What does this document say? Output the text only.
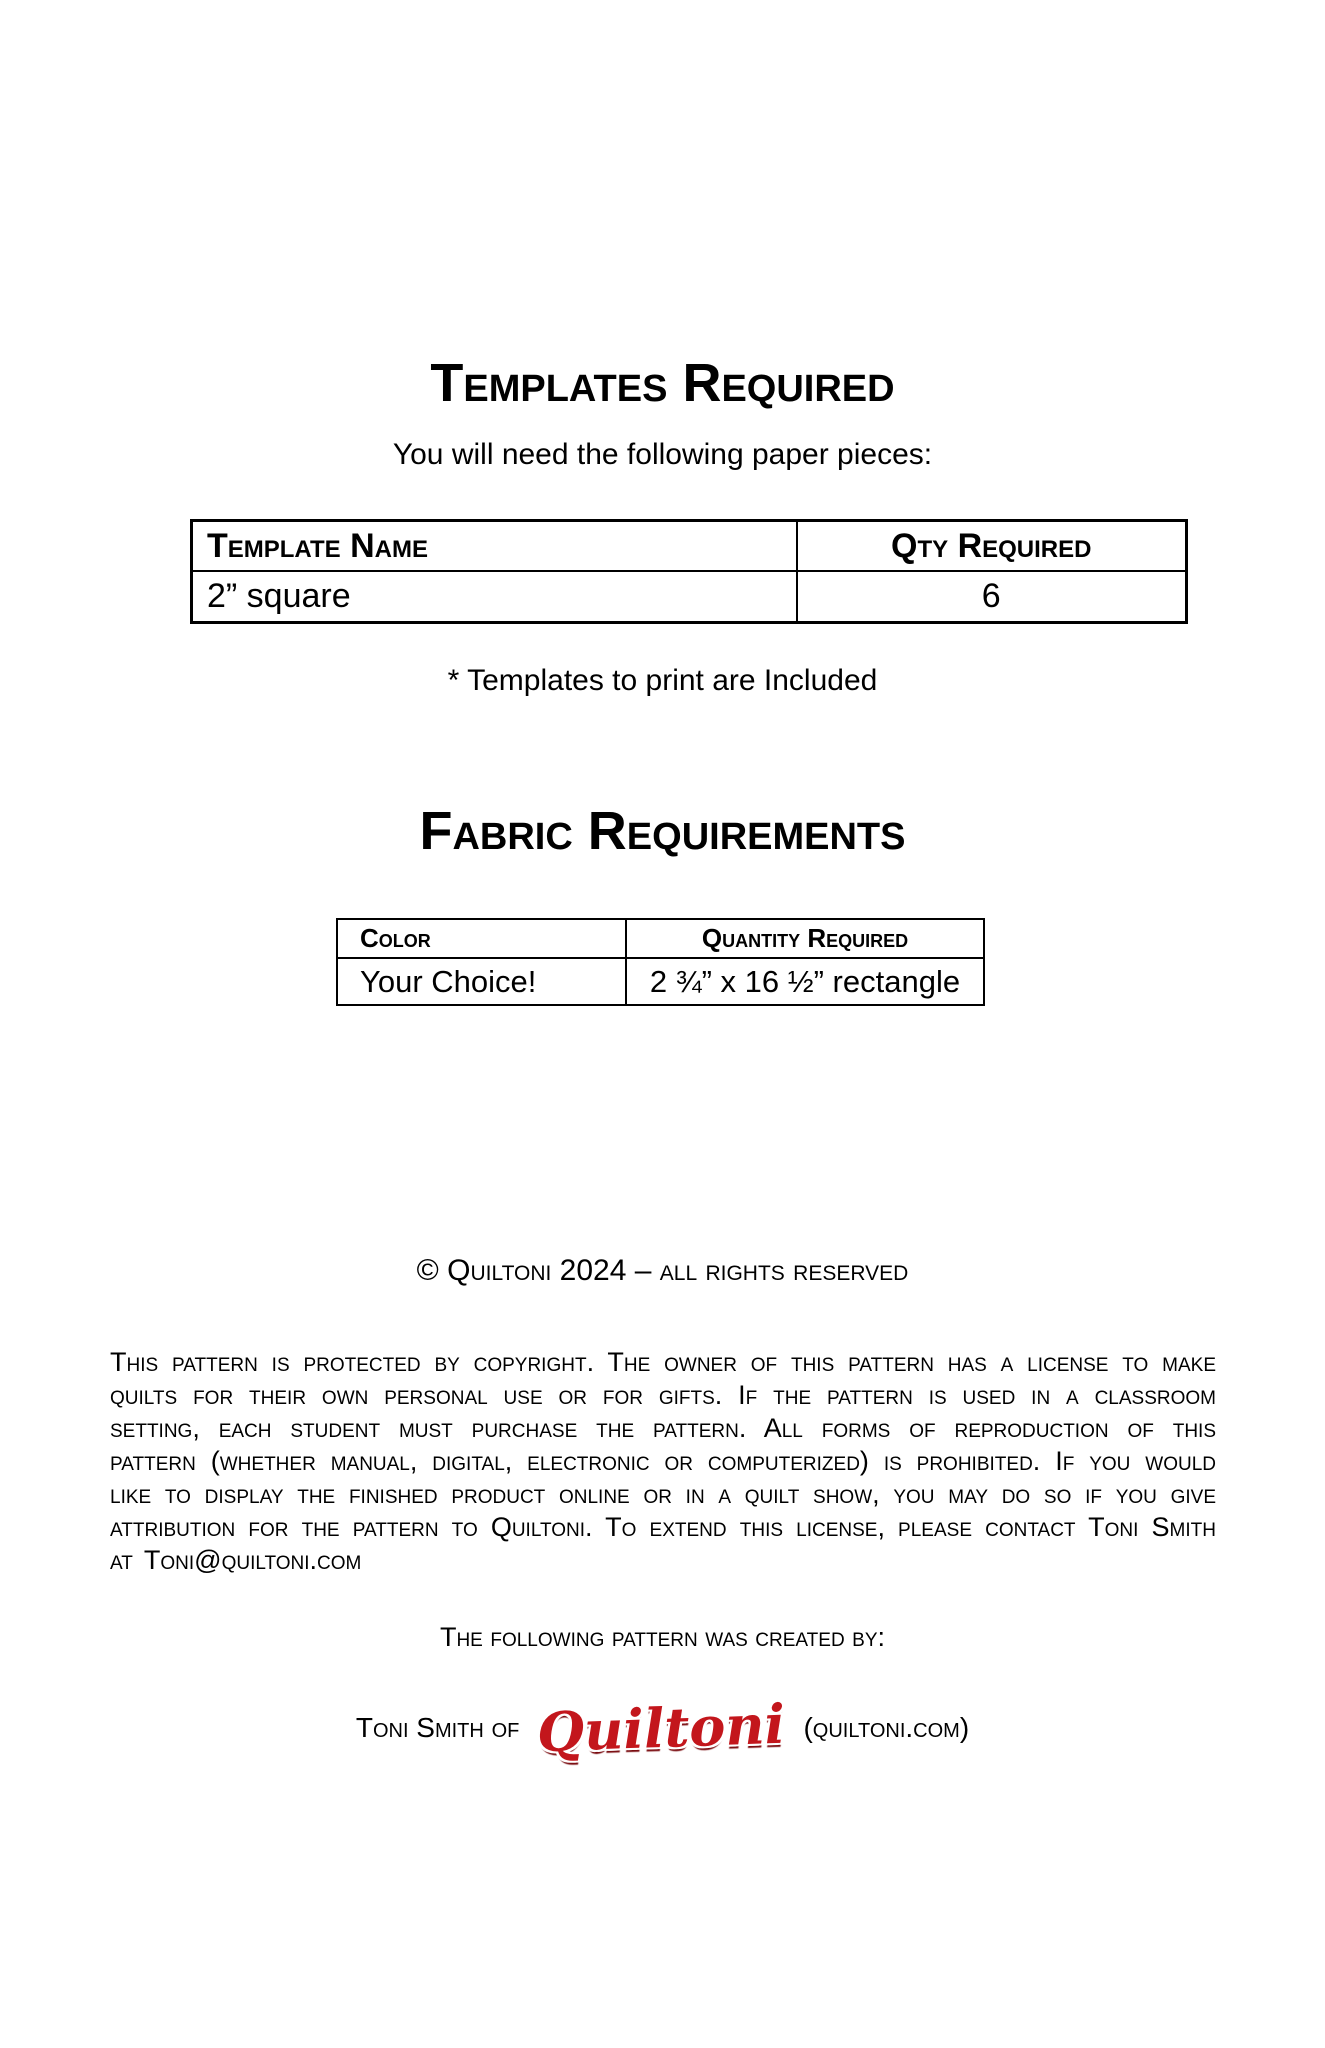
Templates Required
You will need the following paper pieces:
Template Name	Qty Required
2” square	6
* Templates to print are Included
Fabric Requirements
Color	Quantity Required
Your Choice!	2 ¾” x 16 ½” rectangle
© Quiltoni 2024 – all rights reserved
This pattern is protected by copyright. The owner of this pattern has a license to make quilts for their own personal use or for gifts. If the pattern is used in a classroom setting, each student must purchase the pattern. All forms of reproduction of this pattern (whether manual, digital, electronic or computerized) is prohibited. If you would like to display the finished product online or in a quilt show, you may do so if you give attribution for the pattern to Quiltoni. To extend this license, please contact Toni Smith at Toni@quiltoni.com
The following pattern was created by:
Toni Smith of Quiltoni (quiltoni.com)
